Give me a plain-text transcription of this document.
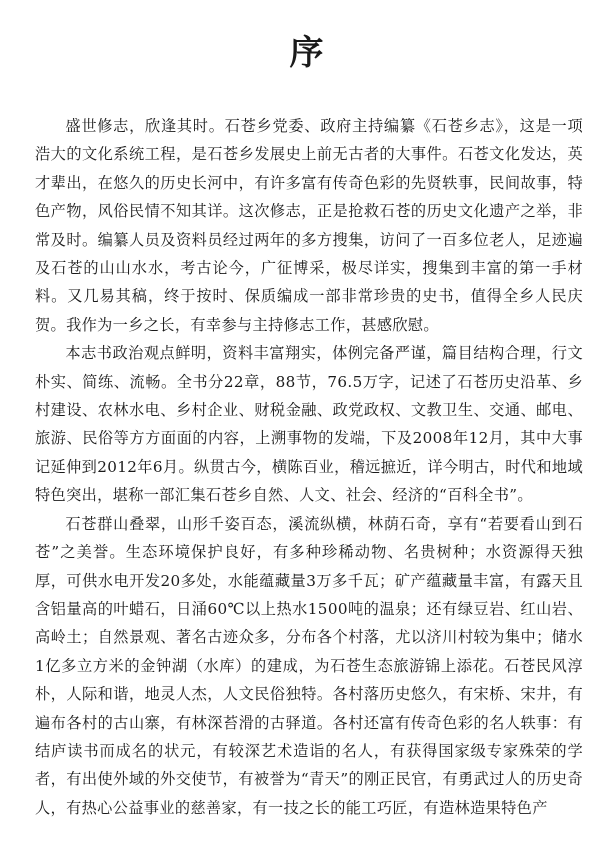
序

盛世修志，欣逢其时。石苍乡党委、政府主持编纂《石苍乡志》，这是一项浩大的文化系统工程，是石苍乡发展史上前无古者的大事件。石苍文化发达，英才辈出，在悠久的历史长河中，有许多富有传奇色彩的先贤轶事，民间故事，特色产物，风俗民情不知其详。这次修志，正是抢救石苍的历史文化遗产之举，非常及时。编纂人员及资料员经过两年的多方搜集，访问了一百多位老人，足迹遍及石苍的山山水水，考古论今，广征博采，极尽详实，搜集到丰富的第一手材料。又几易其稿，终于按时、保质编成一部非常珍贵的史书，值得全乡人民庆贺。我作为一乡之长，有幸参与主持修志工作，甚感欣慰。

本志书政治观点鲜明，资料丰富翔实，体例完备严谨，篇目结构合理，行文朴实、简练、流畅。全书分22章，88节，76.5万字，记述了石苍历史沿革、乡村建设、农林水电、乡村企业、财税金融、政党政权、文教卫生、交通、邮电、旅游、民俗等方方面面的内容，上溯事物的发端，下及2008年12月，其中大事记延伸到2012年6月。纵贯古今，横陈百业，稽远摭近，详今明古，时代和地域特色突出，堪称一部汇集石苍乡自然、人文、社会、经济的“百科全书”。

石苍群山叠翠，山形千姿百态，溪流纵横，林荫石奇，享有“若要看山到石苍”之美誉。生态环境保护良好，有多种珍稀动物、名贵树种；水资源得天独厚，可供水电开发20多处，水能蕴藏量3万多千瓦；矿产蕴藏量丰富，有露天且含铝量高的叶蜡石，日涌60℃以上热水1500吨的温泉；还有绿豆岩、红山岩、高岭土；自然景观、著名古迹众多，分布各个村落，尤以济川村较为集中；储水1亿多立方米的金钟湖（水库）的建成，为石苍生态旅游锦上添花。石苍民风淳朴，人际和谐，地灵人杰，人文民俗独特。各村落历史悠久，有宋桥、宋井，有遍布各村的古山寨，有林深苔滑的古驿道。各村还富有传奇色彩的名人轶事：有结庐读书而成名的状元，有较深艺术造诣的名人，有获得国家级专家殊荣的学者，有出使外域的外交使节，有被誉为“青天”的刚正民官，有勇武过人的历史奇人，有热心公益事业的慈善家，有一技之长的能工巧匠，有造林造果特色产
